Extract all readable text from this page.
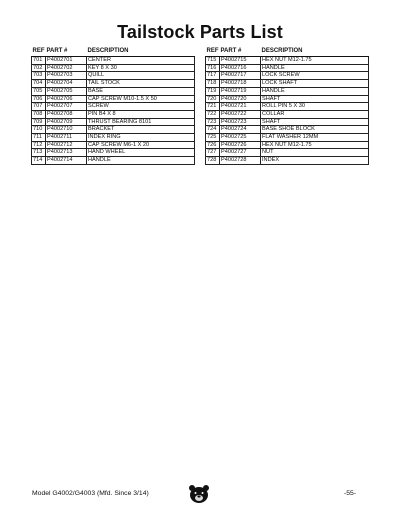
Tailstock Parts List
REF	PART #	DESCRIPTION
701	P4002701	CENTER
702	P4002702	KEY 8 X 30
703	P4002703	QUILL
704	P4002704	TAIL STOCK
705	P4002705	BASE
706	P4002706	CAP SCREW M10-1.5 X 50
707	P4002707	SCREW
708	P4002708	PIN B4 X 8
709	P4002709	THRUST BEARING 8101
710	P4002710	BRACKET
711	P4002711	INDEX RING
712	P4002712	CAP SCREW M6-1 X 20
713	P4002713	HAND WHEEL
714	P4002714	HANDLE
REF	PART #	DESCRIPTION
715	P4002715	HEX NUT M12-1.75
716	P4002716	HANDLE
717	P4002717	LOCK SCREW
718	P4002718	LOCK SHAFT
719	P4002719	HANDLE
720	P4002720	SHAFT
721	P4002721	ROLL PIN 5 X 30
722	P4002722	COLLAR
723	P4002723	SHAFT
724	P4002724	BASE SHOE BLOCK
725	P4002725	FLAT WASHER 12MM
726	P4002726	HEX NUT M12-1.75
727	P4002727	NUT
728	P4002728	INDEX
Model G4002/G4003 (Mfd. Since 3/14)	-55-
